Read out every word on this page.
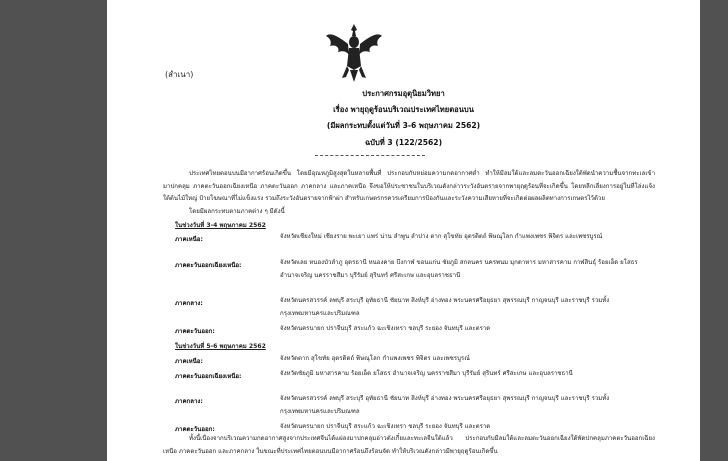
(สำเนา)
ประกาศกรมอุตุนิยมวิทยา
เรื่อง พายุฤดูร้อนบริเวณประเทศไทยตอนบน
(มีผลกระทบตั้งแต่วันที่ 3-6 พฤษภาคม 2562)
ฉบับที่ 3 (122/2562)
ประเทศไทยตอนบนมีอากาศร้อนเกิดขึ้น โดยมีอุณหภูมิสูงสุดในหลายพื้นที่ ประกอบกับหย่อมความกดอากาศต่ำ ทำให้มีลมใต้และลมตะวันออกเฉียงใต้พัดนำความชื้นจากทะเลเข้ามาปกคลุม ภาคตะวันออกเฉียงเหนือ ภาคตะวันออก ภาคกลาง และภาคเหนือ จึงขอให้ประชาชนในบริเวณดังกล่าวระวังอันตรายจากพายุฤดูร้อนที่จะเกิดขึ้น โดยหลีกเลี่ยงการอยู่ในที่โล่งแจ้ง ใต้ต้นไม้ใหญ่ ป้ายโฆษณาที่ไม่แข็งแรง รวมถึงระวังอันตรายจากฟ้าผ่า สำหรับเกษตรกรควรเตรียมการป้องกันและระวังความเสียหายที่จะเกิดต่อผลผลิตทางการเกษตรไว้ด้วย
โดยมีผลกระทบตามภาคต่าง ๆ มีดังนี้
ในช่วงวันที่ 3-4 พฤษภาคม 2562
ภาคเหนือ:	จังหวัดเชียงใหม่ เชียงราย พะเยา แพร่ น่าน ลำพูน ลำปาง ตาก สุโขทัย อุตรดิตถ์ พิษณุโลก กำแพงเพชร พิจิตร และเพชรบูรณ์
ภาคตะวันออกเฉียงเหนือ:	จังหวัดเลย หนองบัวลำภู อุดรธานี หนองคาย บึงกาฬ ขอนแก่น ชัยภูมิ สกลนคร นครพนม มุกดาหาร มหาสารคาม กาฬสินธุ์ ร้อยเอ็ด ยโสธร อำนาจเจริญ นครราชสีมา บุรีรัมย์ สุรินทร์ ศรีสะเกษ และอุบลราชธานี
ภาคกลาง:	จังหวัดนครสวรรค์ ลพบุรี สระบุรี อุทัยธานี ชัยนาท สิงห์บุรี อ่างทอง พระนครศรีอยุธยา สุพรรณบุรี กาญจนบุรี และราชบุรี รวมทั้งกรุงเทพมหานครและปริมณฑล
ภาคตะวันออก:	จังหวัดนครนายก ปราจีนบุรี สระแก้ว ฉะเชิงเทรา ชลบุรี ระยอง จันทบุรี และตราด
ในช่วงวันที่ 5-6 พฤษภาคม 2562
ภาคเหนือ:	จังหวัดตาก สุโขทัย อุตรดิตถ์ พิษณุโลก กำแพงเพชร พิจิตร และเพชรบูรณ์
ภาคตะวันออกเฉียงเหนือ:	จังหวัดชัยภูมิ มหาสารคาม ร้อยเอ็ด ยโสธร อำนาจเจริญ นครราชสีมา บุรีรัมย์ สุรินทร์ ศรีสะเกษ และอุบลราชธานี
ภาคกลาง:	จังหวัดนครสวรรค์ ลพบุรี สระบุรี อุทัยธานี ชัยนาท สิงห์บุรี อ่างทอง พระนครศรีอยุธยา สุพรรณบุรี กาญจนบุรี และราชบุรี รวมทั้งกรุงเทพมหานครและปริมณฑล
ภาคตะวันออก:	จังหวัดนครนายก ปราจีนบุรี สระแก้ว ฉะเชิงเทรา ชลบุรี ระยอง จันทบุรี และตราด
ทั้งนี้เนื่องจากบริเวณความกดอากาศสูงจากประเทศจีนได้แผ่ลงมาปกคลุมอ่าวตังเกี๋ยและทะเลจีนใต้แล้ว ประกอบกับมีลมใต้และลมตะวันออกเฉียงใต้พัดปกคลุมภาคตะวันออกเฉียงเหนือ ภาคตะวันออก และภาคกลาง ในขณะที่ประเทศไทยตอนบนมีอากาศร้อนถึงร้อนจัด ทำให้บริเวณดังกล่าวมีพายุฤดูร้อนเกิดขึ้น
